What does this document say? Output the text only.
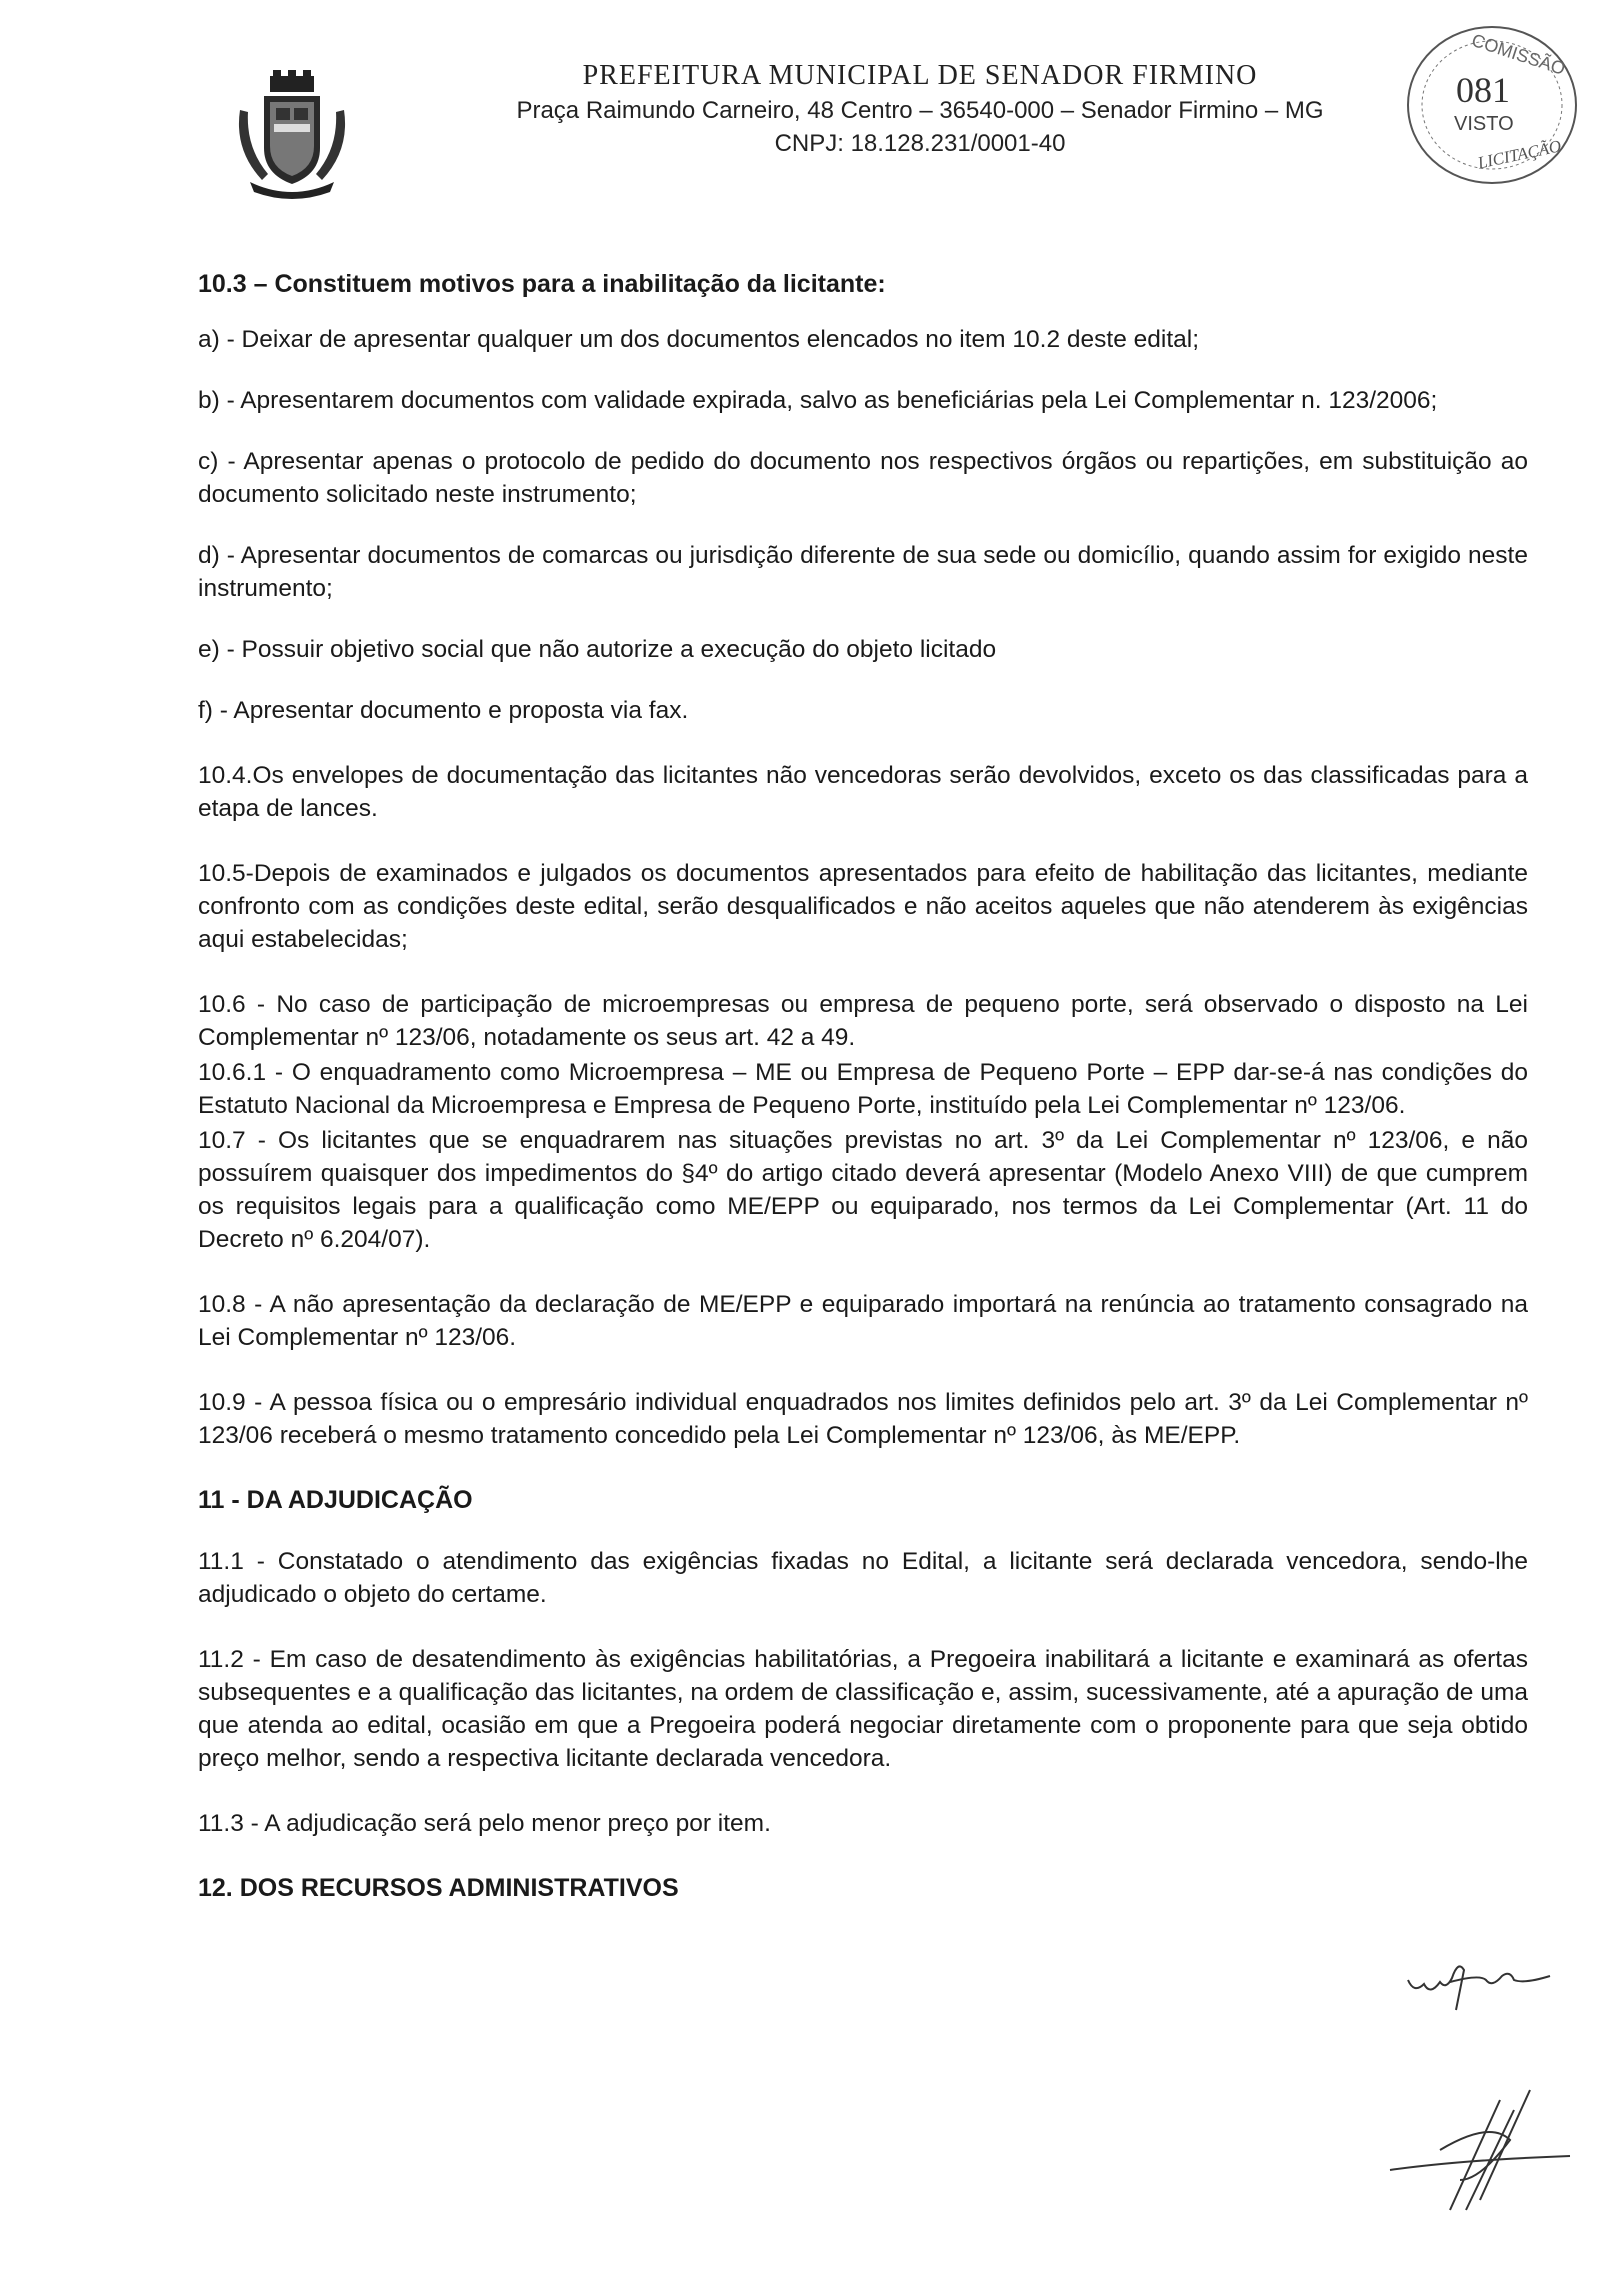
PREFEITURA MUNICIPAL DE SENADOR FIRMINO
Praça Raimundo Carneiro, 48 Centro – 36540-000 – Senador Firmino – MG
CNPJ: 18.128.231/0001-40
COMISSÃO
081
VISTO
LICITAÇÃO

10.3 – Constituem motivos para a inabilitação da licitante:

a) - Deixar de apresentar qualquer um dos documentos elencados no item 10.2 deste edital;

b) - Apresentarem documentos com validade expirada, salvo as beneficiárias pela Lei Complementar n. 123/2006;

c) - Apresentar apenas o protocolo de pedido do documento nos respectivos órgãos ou repartições, em substituição ao documento solicitado neste instrumento;

d) - Apresentar documentos de comarcas ou jurisdição diferente de sua sede ou domicílio, quando assim for exigido neste instrumento;

e) - Possuir objetivo social que não autorize a execução do objeto licitado

f) - Apresentar documento e proposta via fax.

10.4.Os envelopes de documentação das licitantes não vencedoras serão devolvidos, exceto os das classificadas para a etapa de lances.

10.5-Depois de examinados e julgados os documentos apresentados para efeito de habilitação das licitantes, mediante confronto com as condições deste edital, serão desqualificados e não aceitos aqueles que não atenderem às exigências aqui estabelecidas;

10.6 - No caso de participação de microempresas ou empresa de pequeno porte, será observado o disposto na Lei Complementar nº 123/06, notadamente os seus art. 42 a 49.

10.6.1 - O enquadramento como Microempresa – ME ou Empresa de Pequeno Porte – EPP dar-se-á nas condições do Estatuto Nacional da Microempresa e Empresa de Pequeno Porte, instituído pela Lei Complementar nº 123/06.

10.7 - Os licitantes que se enquadrarem nas situações previstas no art. 3º da Lei Complementar nº 123/06, e não possuírem quaisquer dos impedimentos do §4º do artigo citado deverá apresentar (Modelo Anexo VIII) de que cumprem os requisitos legais para a qualificação como ME/EPP ou equiparado, nos termos da Lei Complementar (Art. 11 do Decreto nº 6.204/07).

10.8 - A não apresentação da declaração de ME/EPP e equiparado importará na renúncia ao tratamento consagrado na Lei Complementar nº 123/06.

10.9 - A pessoa física ou o empresário individual enquadrados nos limites definidos pelo art. 3º da Lei Complementar nº 123/06 receberá o mesmo tratamento concedido pela Lei Complementar nº 123/06, às ME/EPP.

11 - DA ADJUDICAÇÃO

11.1 - Constatado o atendimento das exigências fixadas no Edital, a licitante será declarada vencedora, sendo-lhe adjudicado o objeto do certame.

11.2 - Em caso de desatendimento às exigências habilitatórias, a Pregoeira inabilitará a licitante e examinará as ofertas subsequentes e a qualificação das licitantes, na ordem de classificação e, assim, sucessivamente, até a apuração de uma que atenda ao edital, ocasião em que a Pregoeira poderá negociar diretamente com o proponente para que seja obtido preço melhor, sendo a respectiva licitante declarada vencedora.

11.3 - A adjudicação será pelo menor preço por item.

12. DOS RECURSOS ADMINISTRATIVOS
